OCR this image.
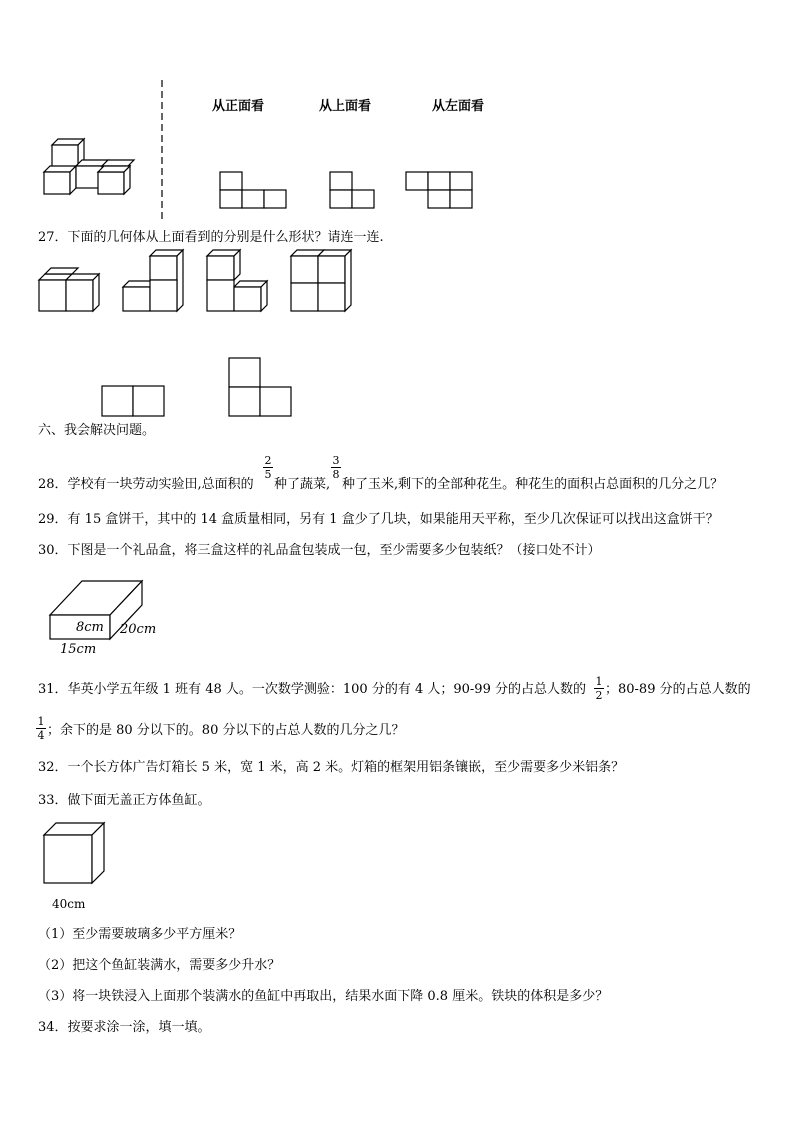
从正面看	从上面看	从左面看
27．下面的几何体从上面看到的分别是什么形状？请连一连.
六、我会解决问题。
28．学校有一块劳动实验田,总面积的
2
5
种了蔬菜,
3
8
种了玉米,剩下的全部种花生。种花生的面积占总面积的几分之几？
29．有 15 盒饼干，其中的 14 盒质量相同，另有 1 盒少了几块，如果能用天平称，至少几次保证可以找出这盒饼干？
30．下图是一个礼品盒，将三盒这样的礼品盒包装成一包，至少需要多少包装纸？（接口处不计）
8cm 20cm
15cm
31．华英小学五年级 1 班有 48 人。一次数学测验：100 分的有 4 人；90-99 分的占总人数的
1
2 ；80-89 分的占总人数的
1
4 ；余下的是 80 分以下的。80 分以下的占总人数的几分之几？
32．一个长方体广告灯箱长 5 米，宽 1 米，高 2 米。灯箱的框架用铝条镶嵌，至少需要多少米铝条？
33．做下面无盖正方体鱼缸。
40cm
（1）至少需要玻璃多少平方厘米？
（2）把这个鱼缸装满水，需要多少升水？
（3）将一块铁浸入上面那个装满水的鱼缸中再取出，结果水面下降 0.8 厘米。铁块的体积是多少？
34．按要求涂一涂，填一填。
